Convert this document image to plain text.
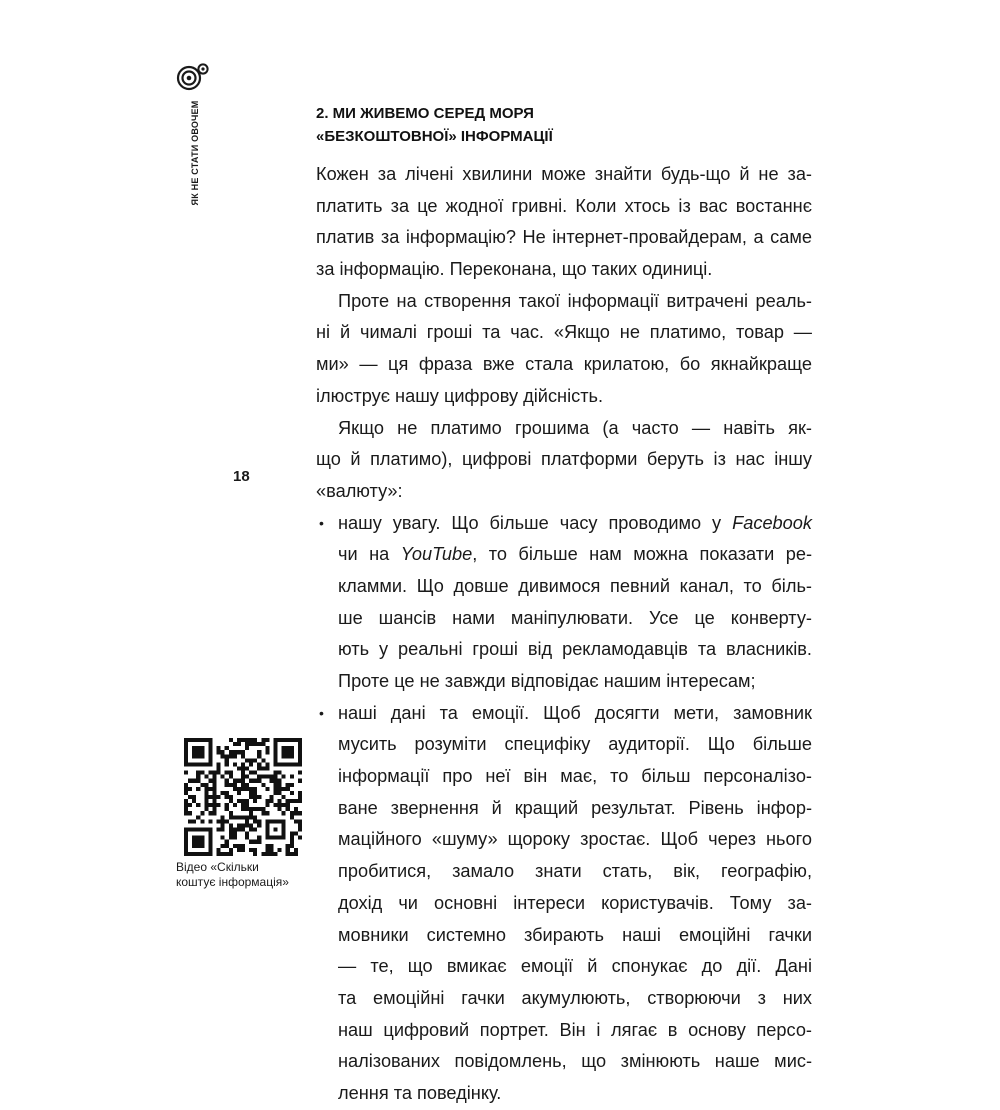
ЯК НЕ СТАТИ ОВОЧЕМ
18
Відео «Скільки
коштує інформація»
2. МИ ЖИВЕМО СЕРЕД МОРЯ
«БЕЗКОШТОВНОЇ» ІНФОРМАЦІЇ
Кожен за лічені хвилини може знайти будь-що й не за-
платить за це жодної гривні. Коли хтось із вас востаннє
платив за інформацію? Не інтернет-провайдерам, а саме
за інформацію. Переконана, що таких одиниці.
Проте на створення такої інформації витрачені реаль-
ні й чималі гроші та час. «Якщо не платимо, товар —
ми» — ця фраза вже стала крилатою, бо якнайкраще
ілюструє нашу цифрову дійсність.
Якщо не платимо грошима (а часто — навіть як-
що й платимо), цифрові платформи беруть із нас іншу
«валюту»:
• нашу увагу. Що більше часу проводимо у Facebook
чи на YouTube, то більше нам можна показати ре-
кламми. Що довше дивимося певний канал, то біль-
ше шансів нами маніпулювати. Усе це конверту-
ють у реальні гроші від рекламодавців та власників.
Проте це не завжди відповідає нашим інтересам;
• наші дані та емоції. Щоб досягти мети, замовник
мусить розуміти специфіку аудиторії. Що більше
інформації про неї він має, то більш персоналізо-
ване звернення й кращий результат. Рівень інфор-
маційного «шуму» щороку зростає. Щоб через нього
пробитися, замало знати стать, вік, географію,
дохід чи основні інтереси користувачів. Тому за-
мовники системно збирають наші емоційні гачки
— те, що вмикає емоції й спонукає до дії. Дані
та емоційні гачки акумулюють, створюючи з них
наш цифровий портрет. Він і лягає в основу персо-
налізованих повідомлень, що змінюють наше мис-
лення та поведінку.
